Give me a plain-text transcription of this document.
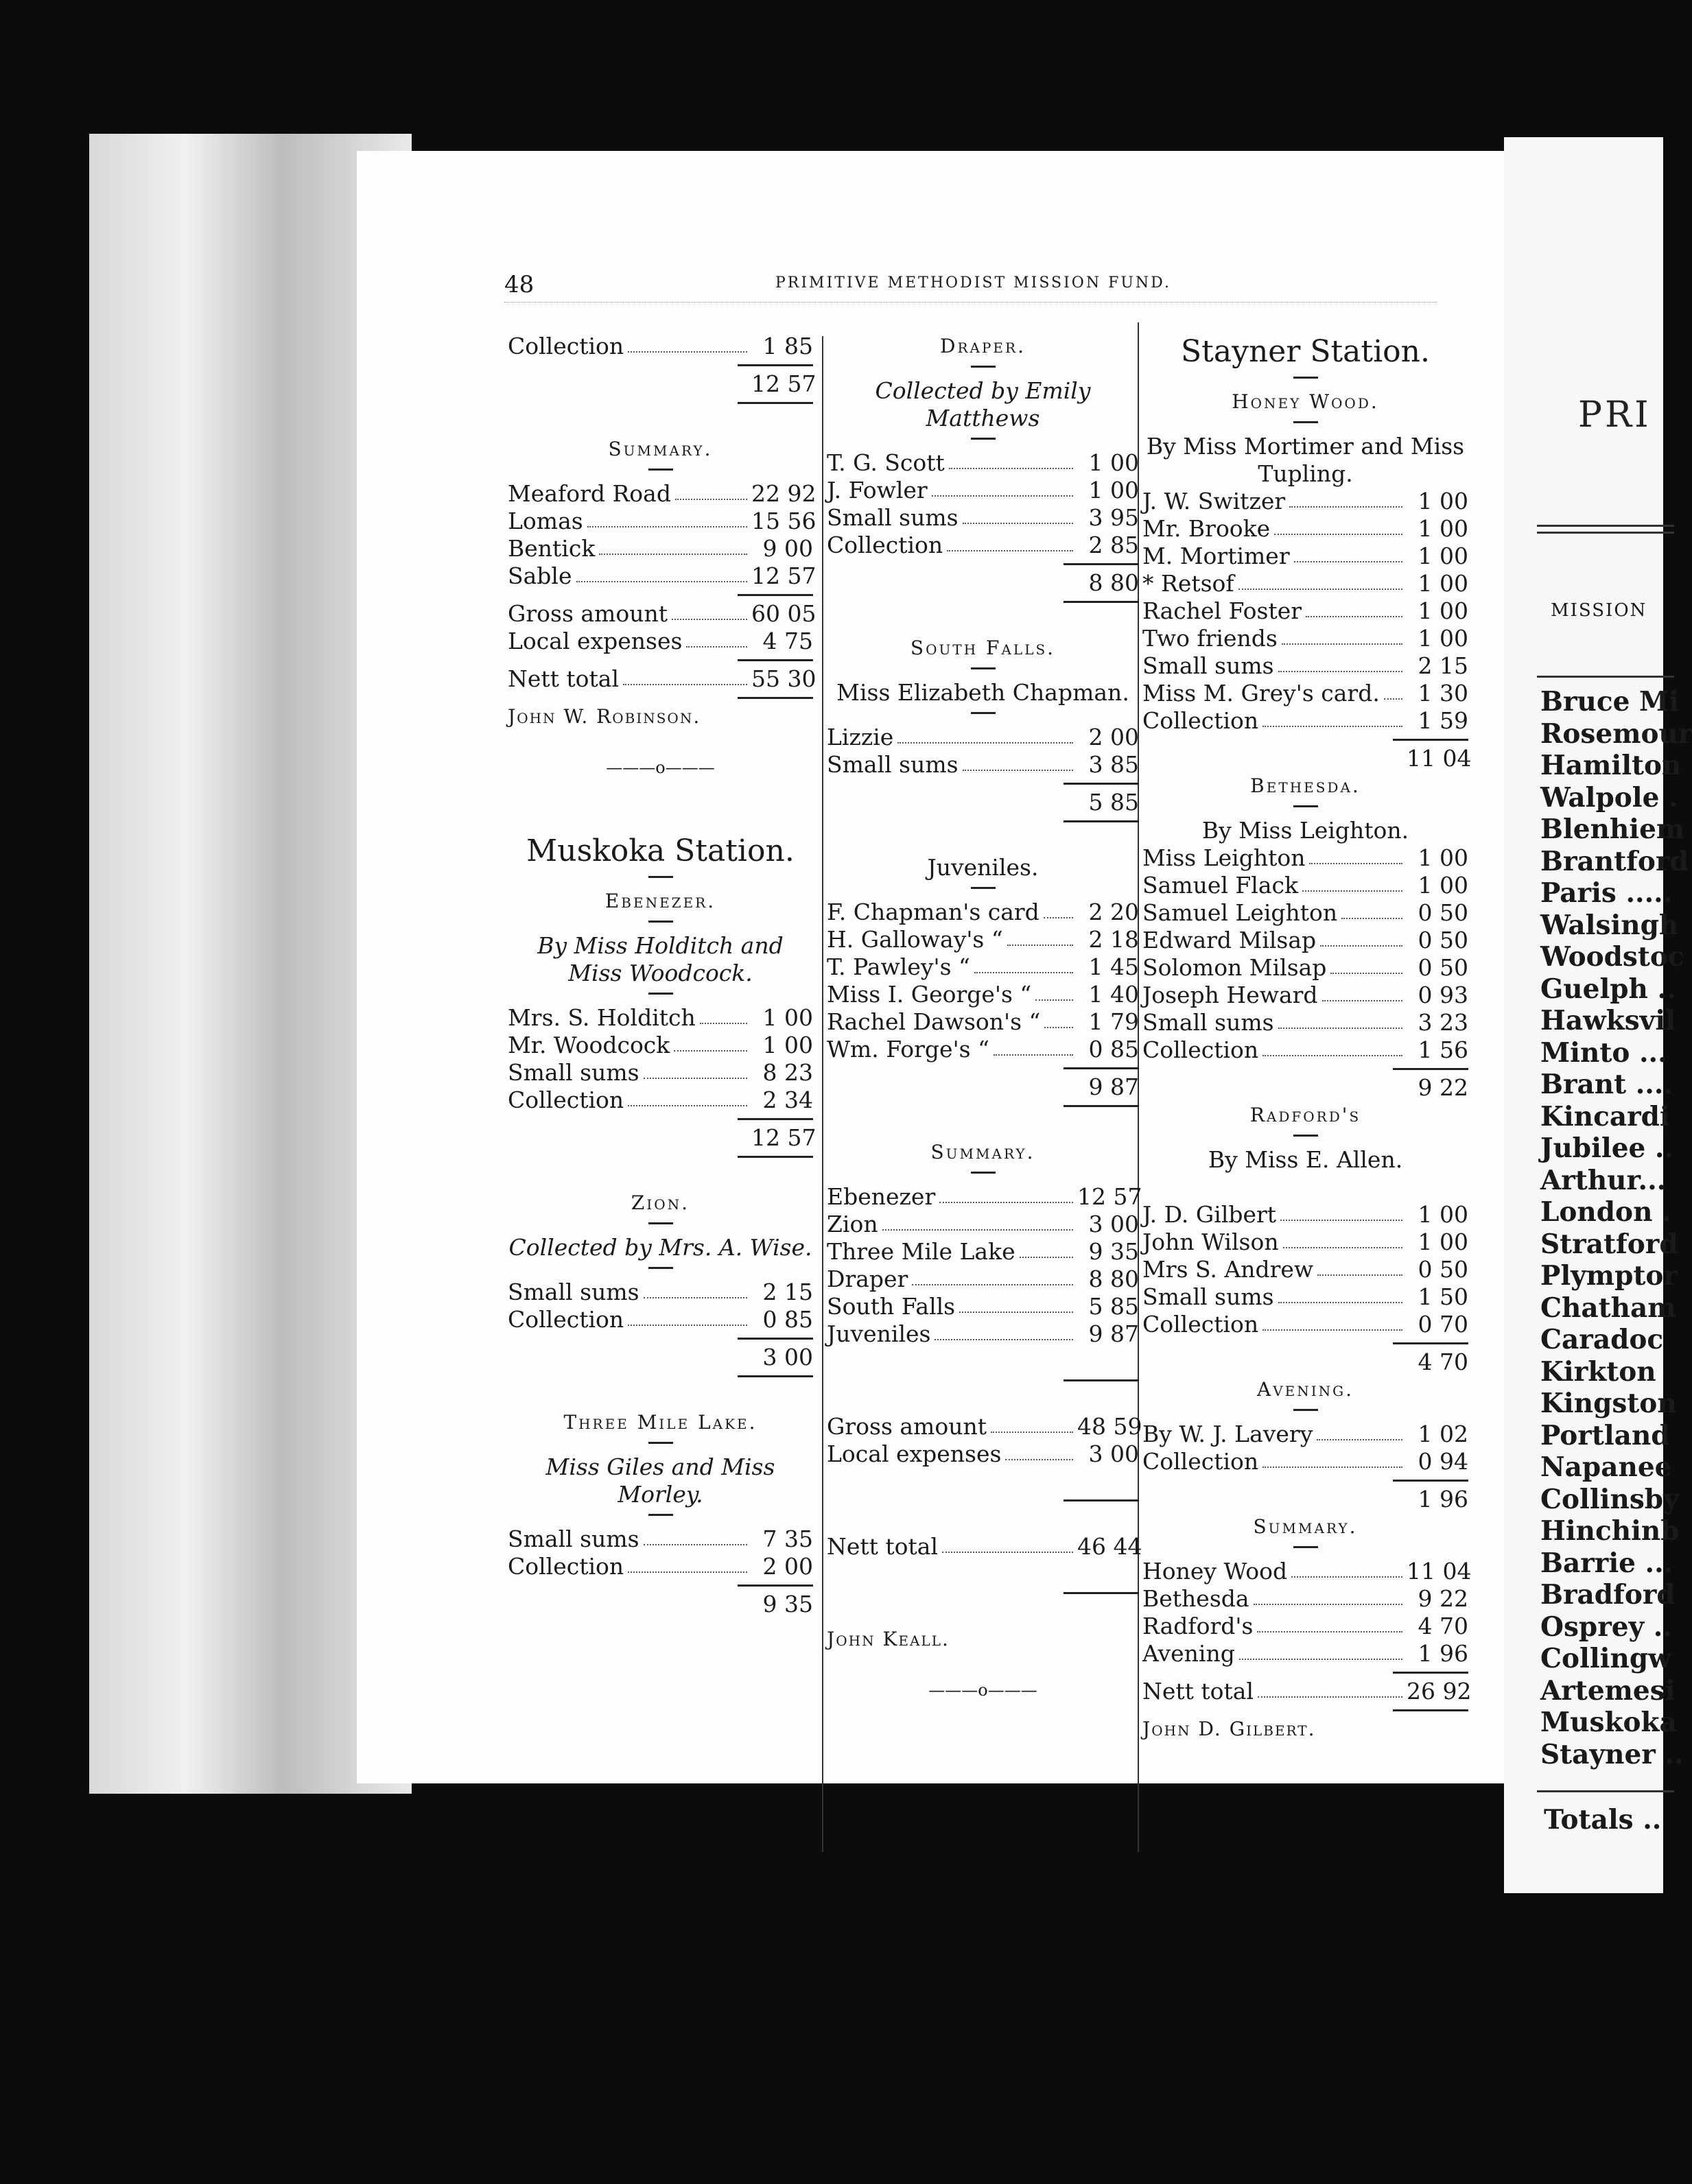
48	PRIMITIVE METHODIST MISSION FUND.
Collection	1 85
12 57
Summary.
Meaford Road	22 92
Lomas	15 56
Bentick	9 00
Sable	12 57
Gross amount	60 05
Local expenses	4 75
Nett total	55 30
John W. Robinson.
———o———
Muskoka Station.
Ebenezer.
By Miss Holditch and Miss Woodcock.
Mrs. S. Holditch	1 00
Mr. Woodcock	1 00
Small sums	8 23
Collection	2 34
12 57
Zion.
Collected by Mrs. A. Wise.
Small sums	2 15
Collection	0 85
3 00
Three Mile Lake.
Miss Giles and Miss Morley.
Small sums	7 35
Collection	2 00
9 35
Draper.
Collected by Emily Matthews
T. G. Scott	1 00
J. Fowler	1 00
Small sums	3 95
Collection	2 85
8 80
South Falls.
Miss Elizabeth Chapman.
Lizzie	2 00
Small sums	3 85
5 85
Juveniles.
F. Chapman's card	2 20
H. Galloway's “	2 18
T. Pawley's “	1 45
Miss I. George's “	1 40
Rachel Dawson's “	1 79
Wm. Forge's “	0 85
9 87
Summary.
Ebenezer	12 57
Zion	3 00
Three Mile Lake	9 35
Draper	8 80
South Falls	5 85
Juveniles	9 87
Gross amount	48 59
Local expenses	3 00
Nett total	46 44
John Keall.
———o———
Stayner Station.
Honey Wood.
By Miss Mortimer and Miss Tupling.
J. W. Switzer	1 00
Mr. Brooke	1 00
M. Mortimer	1 00
* Retsof	1 00
Rachel Foster	1 00
Two friends	1 00
Small sums	2 15
Miss M. Grey's card.	1 30
Collection	1 59
11 04
Bethesda.
By Miss Leighton.
Miss Leighton	1 00
Samuel Flack	1 00
Samuel Leighton	0 50
Edward Milsap	0 50
Solomon Milsap	0 50
Joseph Heward	0 93
Small sums	3 23
Collection	1 56
9 22
Radford's
By Miss E. Allen.
J. D. Gilbert	1 00
John Wilson	1 00
Mrs S. Andrew	0 50
Small sums	1 50
Collection	0 70
4 70
Avening.
By W. J. Lavery	1 02
Collection	0 94
1 96
Summary.
Honey Wood	11 04
Bethesda	9 22
Radford's	4 70
Avening	1 96
Nett total	26 92
John D. Gilbert.
PRI
MISSION
Bruce Mi
Rosemour
Hamilton
Walpole .
Blenhiem
Brantford
Paris .....
Walsingh
Woodstoc
Guelph ..
Hawksvil
Minto ...
Brant ....
Kincardi
Jubilee ..
Arthur...
London .
Stratford
Plymptor
Chatham
Caradoc
Kirkton
Kingston
Portland
Napanee
Collinsby
Hinchinb
Barrie ...
Bradford
Osprey ..
Collingw
Artemesi
Muskoka
Stayner ..
Totals ..
